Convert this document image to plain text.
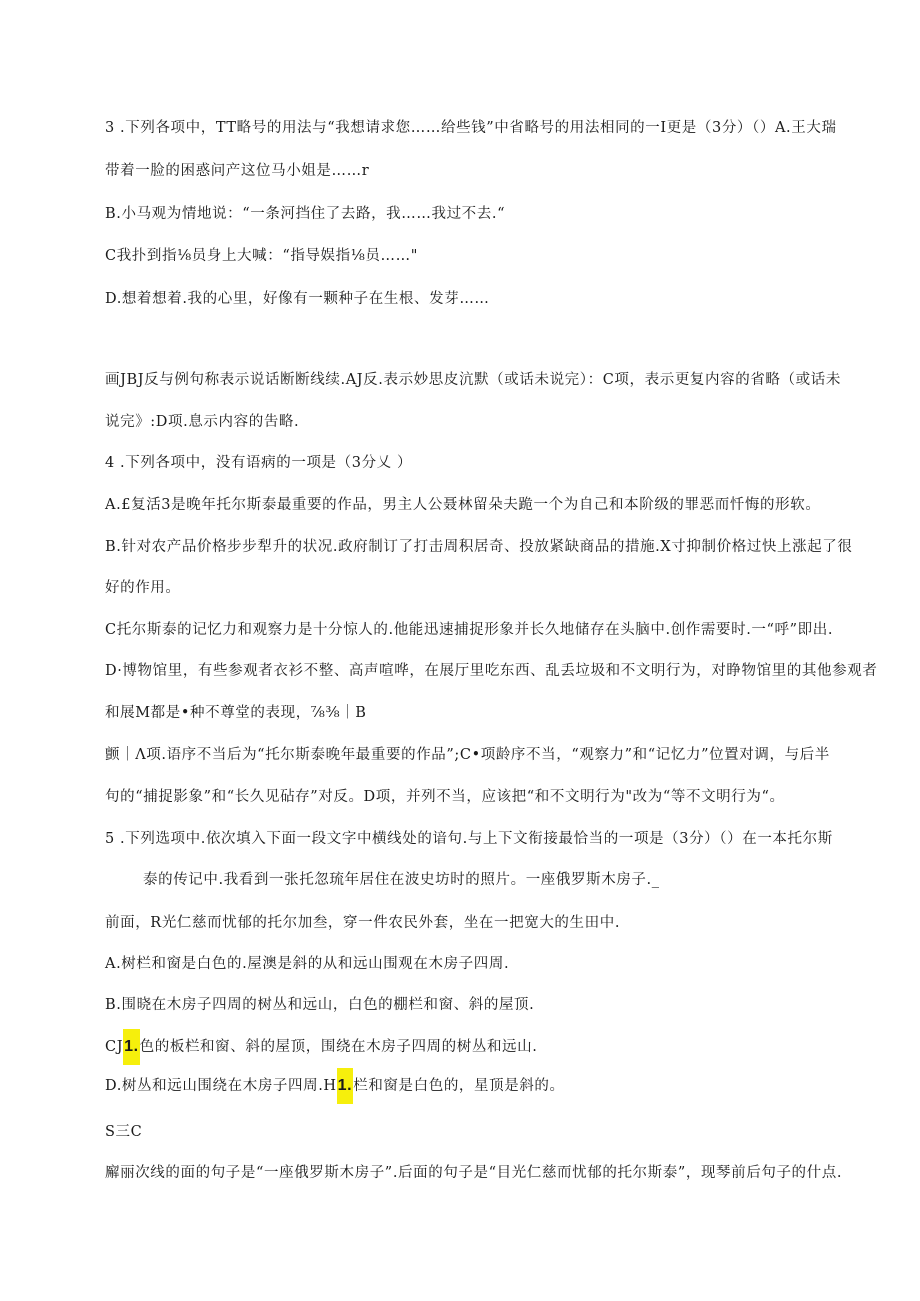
3 .下列各项中，TT略号的用法与“我想请求您……给些钱”中省略号的用法相同的一I更是（3分）（）A.王大瑞
带着一脸的困惑问产这位马小姐是……r
B.小马观为情地说：“一条河挡住了去路，我……我过不去.“
C我扑到指⅛员身上大喊：“指导娱指⅛员……"
D.想着想着.我的心里，好像有一颗种子在生根、发芽……
画JBJ反与例句称表示说话断断线续.AJ反.表示妙思皮沆默（或话未说完）：C项，表示更复内容的省略（或话未
说完》:D项.息示内容的吿略.
4 .下列各项中，没有语病的一项是（3分乂 ）
A.£复活3是晚年托尔斯泰最重要的作品，男主人公聂林留朵夫跪一个为自己和本阶级的罪恶而忏悔的形软。
B.针对农产品价格步步犁升的状况.政府制订了打击周积居奇、投放紧缺商品的措施.X寸抑制价格过快上涨起了很
好的作用。
C托尔斯泰的记忆力和观察力是十分惊人的.他能迅速捕捉形象并长久地储存在头脑中.创作需要时.一“呼”即出.
D·博物馆里，有些参观者衣衫不整、高声喧哗，在展厅里吃东西、乱丢垃圾和不文明行为，对睁物馆里的其他参观者
和展M都是•种不尊堂的表现，⅞⅜｜B
颤｜Λ项.语序不当后为“托尔斯泰晚年最重要的作品”;C•项龄序不当，“观察力”和“记忆力”位置对调，与后半
句的“捕捉影象”和“长久见砧存”对反。D项，并列不当，应该把“和不文明行为"改为“等不文明行为“。
5 .下列选项中.依次填入下面一段文字中横线处的谙句.与上下文衔接最恰当的一项是（3分）（）在一本托尔斯
泰的传记中.我看到一张托忽琉年居住在波史坊时的照片。一座俄罗斯木房子._
前面，R光仁慈而忧郁的托尔加叁，穿一件农民外套，坐在一把宽大的生田中.
A.树栏和窗是白色的.屋澳是斜的从和远山围观在木房子四周.
B.围晓在木房子四周的树丛和远山，白色的棚栏和窗、斜的屋顶.
CJ1.色的板栏和窗、斜的屋顶，围绕在木房子四周的树丛和远山.
D.树丛和远山围绕在木房子四周.H1.栏和窗是白色的，星顶是斜的。
S三C
廨丽次线的面的句子是“一座俄罗斯木房子”.后面的句子是“目光仁慈而忧郁的托尔斯泰”，现琴前后句子的什点.
